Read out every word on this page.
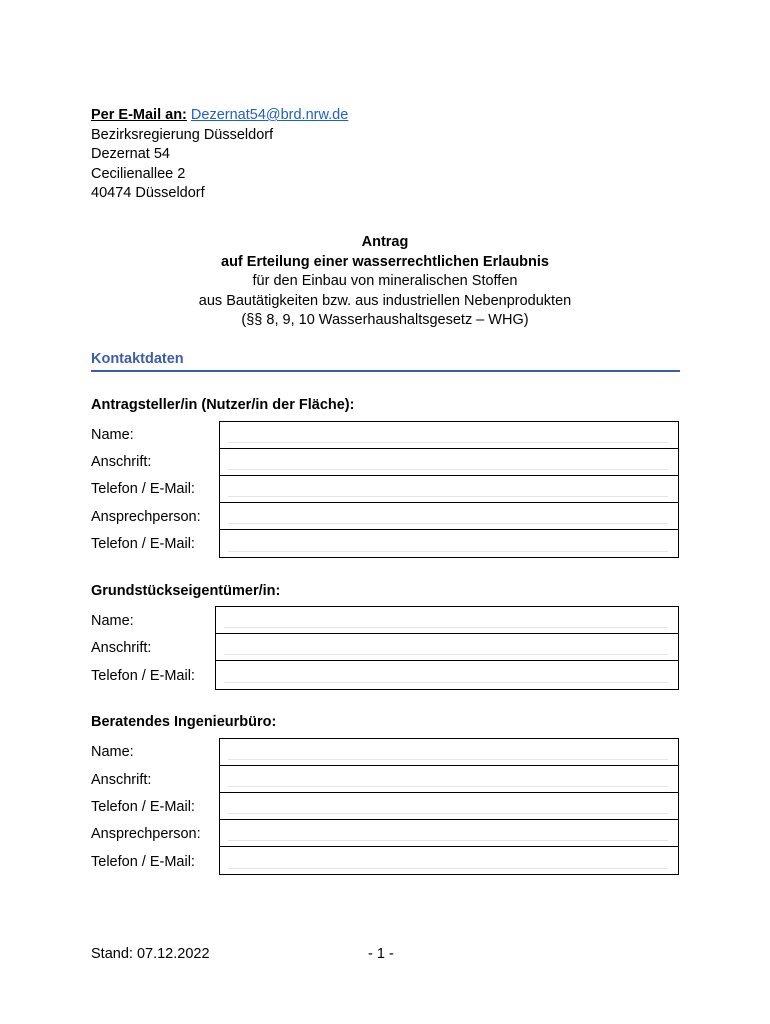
Per E-Mail an: Dezernat54@brd.nrw.de
Bezirksregierung Düsseldorf
Dezernat 54
Cecilienallee 2
40474 Düsseldorf
Antrag
auf Erteilung einer wasserrechtlichen Erlaubnis
für den Einbau von mineralischen Stoffen
aus Bautätigkeiten bzw. aus industriellen Nebenprodukten
(§§ 8, 9, 10 Wasserhaushaltsgesetz – WHG)
Kontaktdaten
Antragsteller/in (Nutzer/in der Fläche):
Name:
Anschrift:
Telefon / E-Mail:
Ansprechperson:
Telefon / E-Mail:
Grundstückseigentümer/in:
Name:
Anschrift:
Telefon / E-Mail:
Beratendes Ingenieurbüro:
Name:
Anschrift:
Telefon / E-Mail:
Ansprechperson:
Telefon / E-Mail:
Stand: 07.12.2022	- 1 -
